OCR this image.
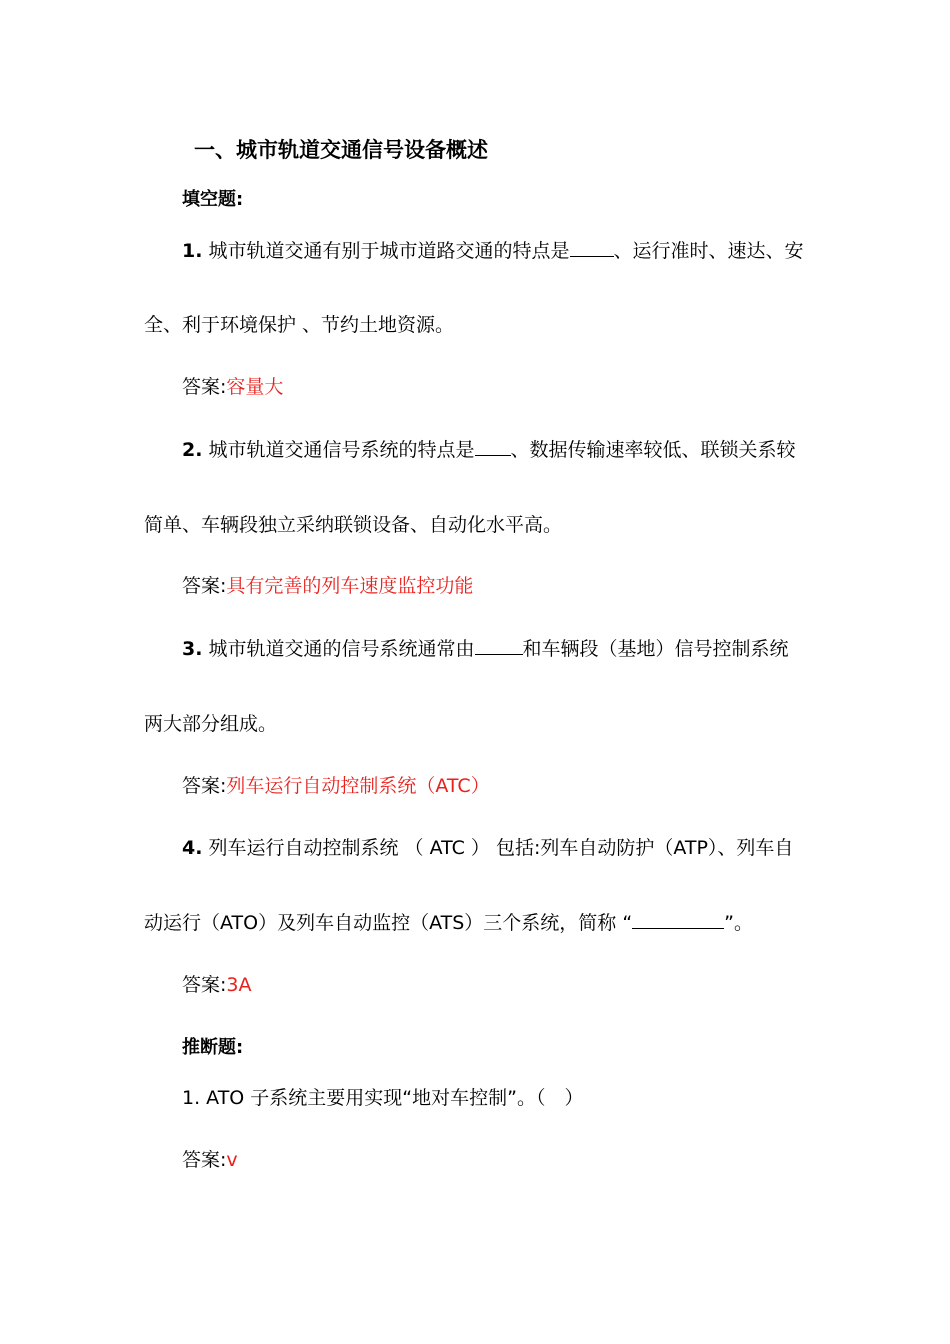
一、城市轨道交通信号设备概述
填空题:
1. 城市轨道交通有别于城市道路交通的特点是 、运行准时、速达、安
全、利于环境保护 、节约土地资源。
答案:容量大
2. 城市轨道交通信号系统的特点是 、数据传输速率较低、联锁关系较
简单、车辆段独立采纳联锁设备、自动化水平高。
答案:具有完善的列车速度监控功能
3. 城市轨道交通的信号系统通常由	和车辆段（基地）信号控制系统
两大部分组成。
答案:列车运行自动控制系统（ATC）
4. 列车运行自动控制系统 （ ATC ） 包括:列车自动防护（ATP）、列车自
动运行（ATO）及列车自动监控（ATS）三个系统，简称 “	”。
答案:3A
推断题:
1. ATO 子系统主要用实现“地对车控制”。（　）
答案:v
